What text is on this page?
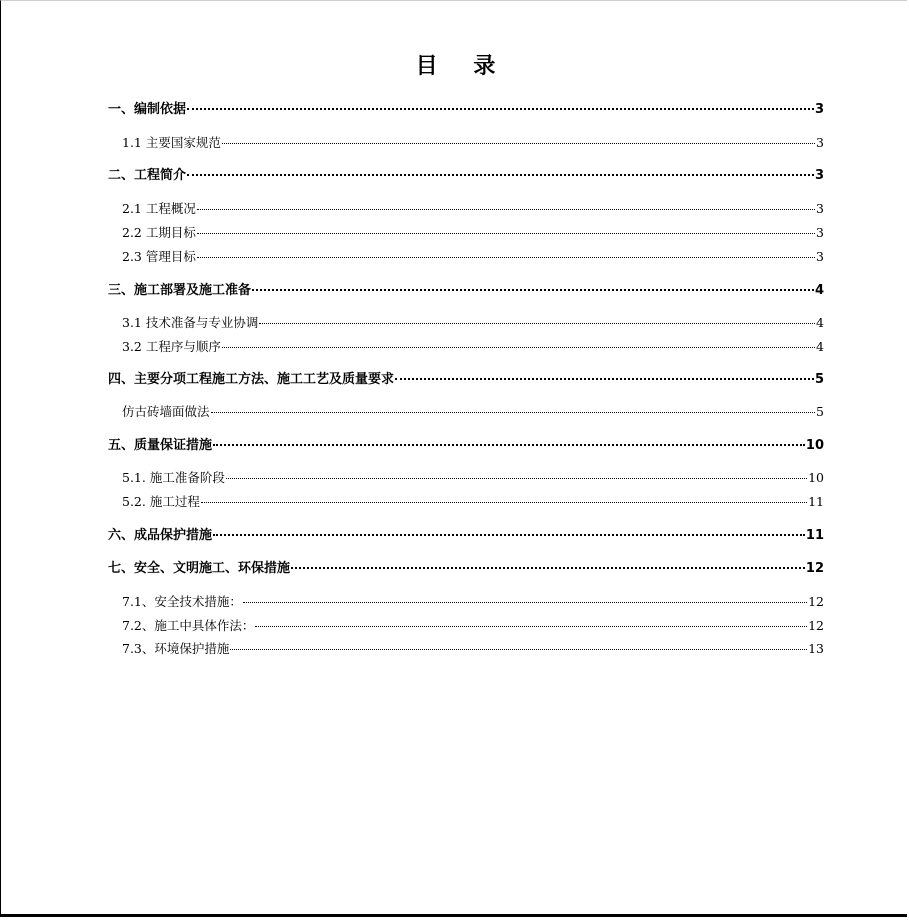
目 录
一、编制依据	3
1.1 主要国家规范	3
二、工程简介	3
2.1 工程概况	3
2.2 工期目标	3
2.3 管理目标	3
三、施工部署及施工准备	4
3.1 技术准备与专业协调	4
3.2 工程序与顺序	4
四、主要分项工程施工方法、施工工艺及质量要求	5
仿古砖墙面做法	5
五、质量保证措施	10
5.1. 施工准备阶段	10
5.2. 施工过程	11
六、成品保护措施	11
七、安全、文明施工、环保措施	12
7.1、安全技术措施：	12
7.2、施工中具体作法：	12
7.3、环境保护措施	13
